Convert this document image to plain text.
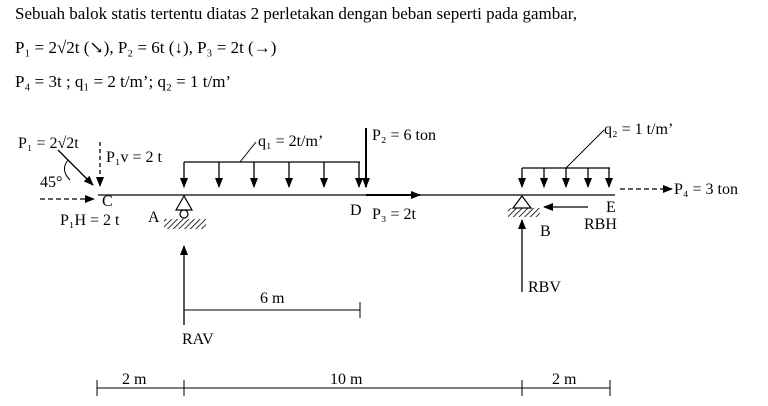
Sebuah balok statis tertentu diatas 2 perletakan dengan beban seperti pada gambar,
P₁ = 2√2t (↘), P₂ = 6t (↓), P₃ = 2t (→)
P₄ = 3t ; q₁ = 2 t/m’; q₂ = 1 t/m’
P₁ = 2√2t
P₁v = 2 t
45°
P₁H = 2 t
C
q₁ = 2t/m’	P₂ = 6 ton
A
RAV
6 m
D P₃ = 2t
q₂ = 1 t/m’
P₄ = 3 ton
B RBH
E
RBV
2 m	10 m	2 m
